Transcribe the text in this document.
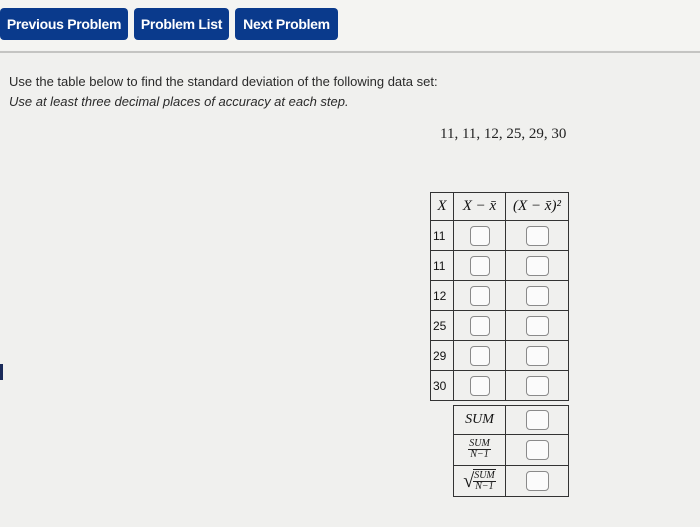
Previous Problem	Problem List	Next Problem
Use the table below to find the standard deviation of the following data set:
Use at least three decimal places of accuracy at each step.
11, 11, 12, 25, 29, 30
X	X − x̄	(X − x̄)²
11		
11		
12		
25		
29		
30		

	SUM	

	$\frac{\text{SUM}}{N-1}$

	√ $\frac{\text{SUM}}{N-1}$
